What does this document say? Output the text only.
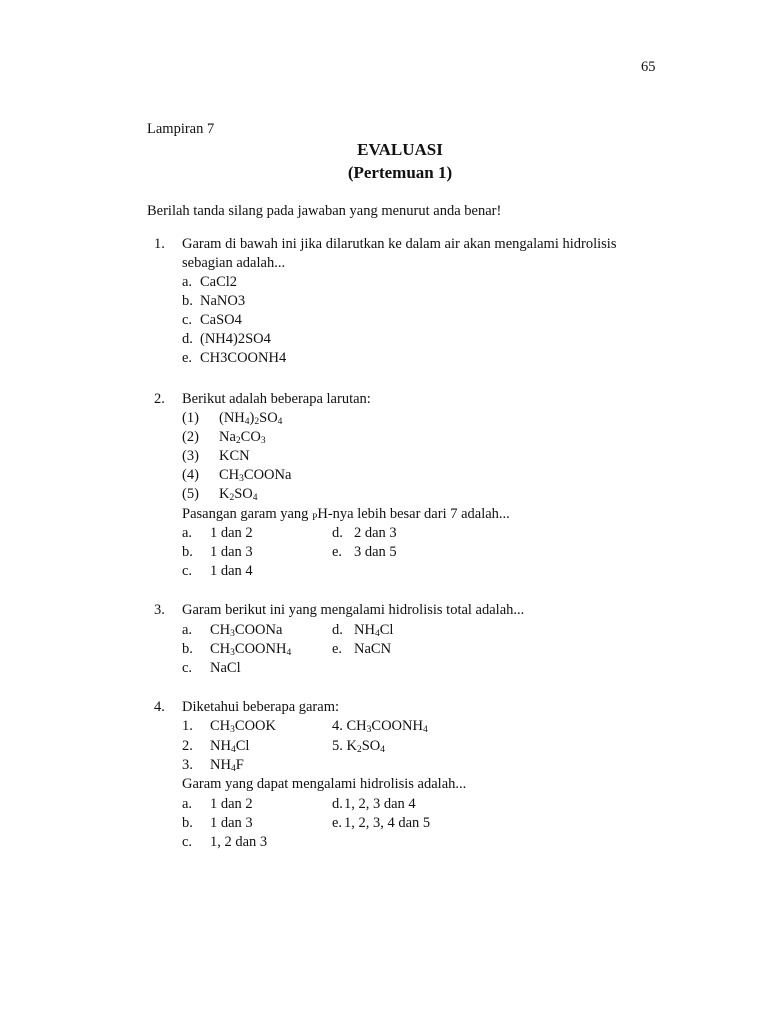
65
Lampiran 7
EVALUASI
(Pertemuan 1)
Berilah tanda silang pada jawaban yang menurut anda benar!
1. Garam di bawah ini jika dilarutkan ke dalam air akan mengalami hidrolisis
sebagian adalah...
a. CaCl2
b. NaNO3
c. CaSO4
d. (NH4)2SO4
e. CH3COONH4
2. Berikut adalah beberapa larutan:
(1) $(NH_4)_2SO_4$
(2) $Na_2CO_3$
(3) KCN
(4) $CH_3COONa$
(5) $K_2SO_4$
Pasangan garam yang $_P$H-nya lebih besar dari 7 adalah...
a. 1 dan 2	d. 2 dan 3
b. 1 dan 3	e. 3 dan 5
c. 1 dan 4
3. Garam berikut ini yang mengalami hidrolisis total adalah...
a. $CH_3COONa$	d. $NH_4Cl$
b. $CH_3COONH_4$	e. NaCN
c. NaCl
4. Diketahui beberapa garam:
1. $CH_3COOK$	4. $CH_3COONH_4$
2. $NH_4Cl$	5. $K_2SO_4$
3. $NH_4F$
Garam yang dapat mengalami hidrolisis adalah...
a. 1 dan 2	d. 1, 2, 3 dan 4
b. 1 dan 3	e. 1, 2, 3, 4 dan 5
c. 1, 2 dan 3
